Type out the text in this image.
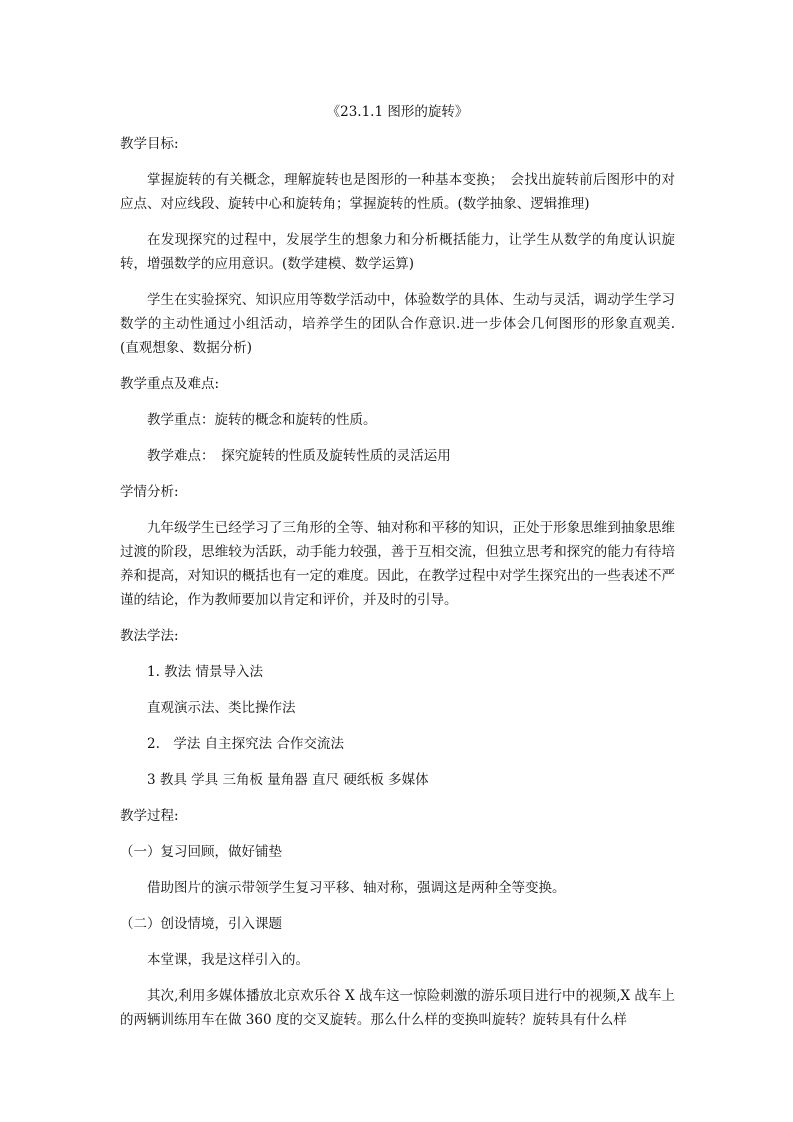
《23.1.1 图形的旋转》
教学目标:
掌握旋转的有关概念，理解旋转也是图形的一种基本变换；　会找出旋转前后图形中的对应点、对应线段、旋转中心和旋转角；掌握旋转的性质。(数学抽象、逻辑推理)
在发现探究的过程中，发展学生的想象力和分析概括能力，让学生从数学的角度认识旋转，增强数学的应用意识。(数学建模、数学运算)
学生在实验探究、知识应用等数学活动中，体验数学的具体、生动与灵活，调动学生学习数学的主动性通过小组活动，培养学生的团队合作意识.进一步体会几何图形的形象直观美. (直观想象、数据分析)
教学重点及难点:
教学重点：旋转的概念和旋转的性质。
教学难点：　探究旋转的性质及旋转性质的灵活运用
学情分析:
九年级学生已经学习了三角形的全等、轴对称和平移的知识，正处于形象思维到抽象思维过渡的阶段，思维较为活跃，动手能力较强，善于互相交流，但独立思考和探究的能力有待培养和提高，对知识的概括也有一定的难度。因此，在教学过程中对学生探究出的一些表述不严谨的结论，作为教师要加以肯定和评价，并及时的引导。
教法学法:
1. 教法 情景导入法
直观演示法、类比操作法
2.　学法 自主探究法 合作交流法
3 教具 学具 三角板 量角器 直尺 硬纸板 多媒体
教学过程:
（一）复习回顾，做好铺垫
借助图片的演示带领学生复习平移、轴对称，强调这是两种全等变换。
（二）创设情境，引入课题
本堂课，我是这样引入的。
其次,利用多媒体播放北京欢乐谷 X 战车这一惊险刺激的游乐项目进行中的视频,X 战车上的两辆训练用车在做 360 度的交叉旋转。那么什么样的变换叫旋转？旋转具有什么样
